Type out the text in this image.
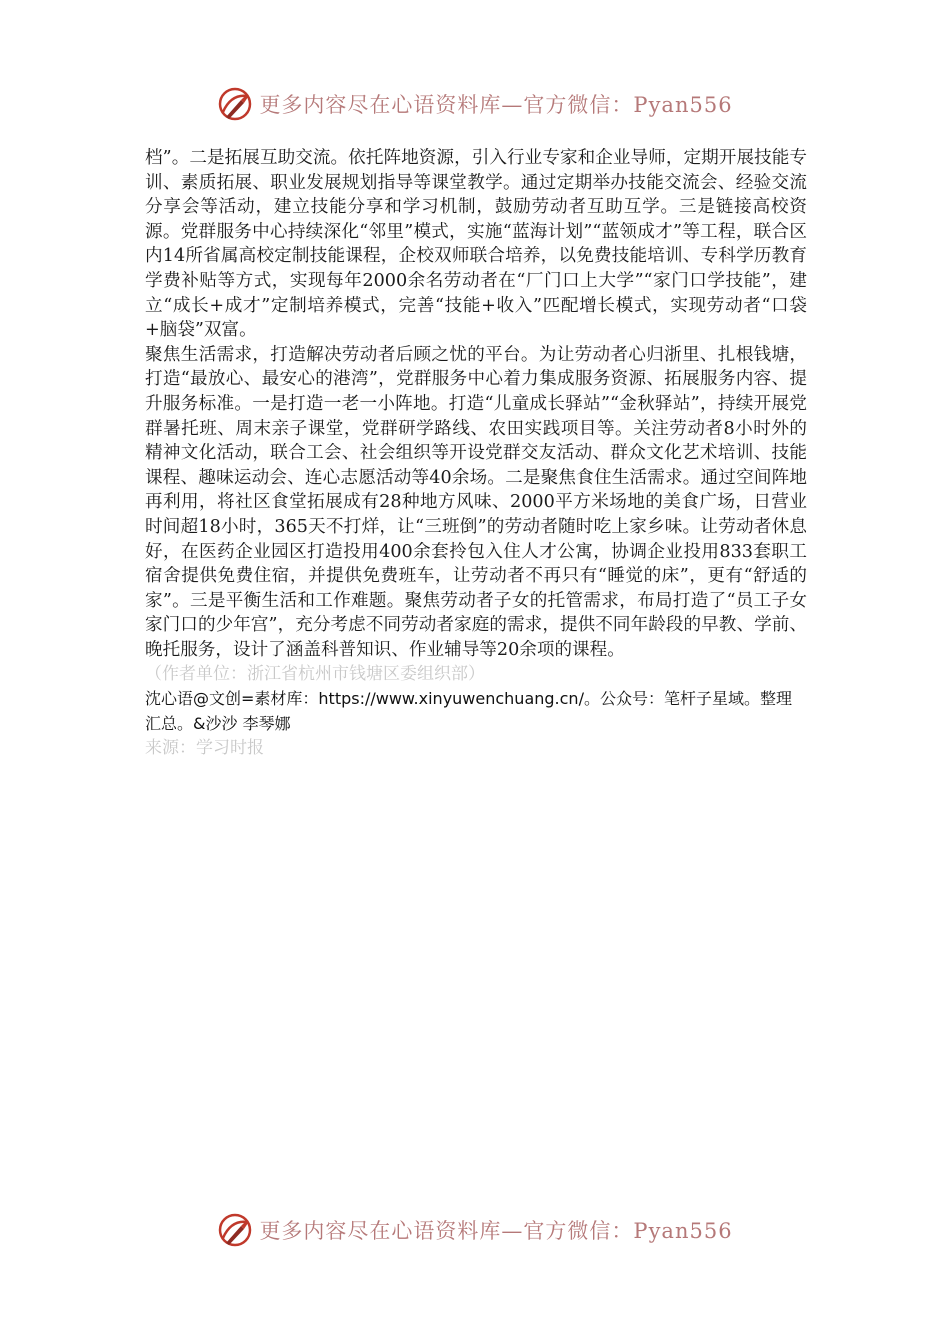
更多内容尽在心语资料库—官方微信：Pyan556

档”。二是拓展互助交流。依托阵地资源，引入行业专家和企业导师，定期开展技能专训、素质拓展、职业发展规划指导等课堂教学。通过定期举办技能交流会、经验交流分享会等活动，建立技能分享和学习机制，鼓励劳动者互助互学。三是链接高校资源。党群服务中心持续深化“邻里”模式，实施“蓝海计划”“蓝领成才”等工程，联合区内14所省属高校定制技能课程，企校双师联合培养，以免费技能培训、专科学历教育学费补贴等方式，实现每年2000余名劳动者在“厂门口上大学”“家门口学技能”，建立“成长+成才”定制培养模式，完善“技能+收入”匹配增长模式，实现劳动者“口袋+脑袋”双富。

聚焦生活需求，打造解决劳动者后顾之忧的平台。为让劳动者心归浙里、扎根钱塘，打造“最放心、最安心的港湾”，党群服务中心着力集成服务资源、拓展服务内容、提升服务标准。一是打造一老一小阵地。打造“儿童成长驿站”“金秋驿站”，持续开展党群暑托班、周末亲子课堂，党群研学路线、农田实践项目等。关注劳动者8小时外的精神文化活动，联合工会、社会组织等开设党群交友活动、群众文化艺术培训、技能课程、趣味运动会、连心志愿活动等40余场。二是聚焦食住生活需求。通过空间阵地再利用，将社区食堂拓展成有28种地方风味、2000平方米场地的美食广场，日营业时间超18小时，365天不打烊，让“三班倒”的劳动者随时吃上家乡味。让劳动者休息好，在医药企业园区打造投用400余套拎包入住人才公寓，协调企业投用833套职工宿舍提供免费住宿，并提供免费班车，让劳动者不再只有“睡觉的床”，更有“舒适的家”。三是平衡生活和工作难题。聚焦劳动者子女的托管需求，布局打造了“员工子女家门口的少年宫”，充分考虑不同劳动者家庭的需求，提供不同年龄段的早教、学前、晚托服务，设计了涵盖科普知识、作业辅导等20余项的课程。

（作者单位：浙江省杭州市钱塘区委组织部）

沈心语@文创=素材库：https://www.xinyuwenchuang.cn/。公众号：笔杆子星域。整理汇总。&沙沙 李琴娜

来源：学习时报

更多内容尽在心语资料库—官方微信：Pyan556
